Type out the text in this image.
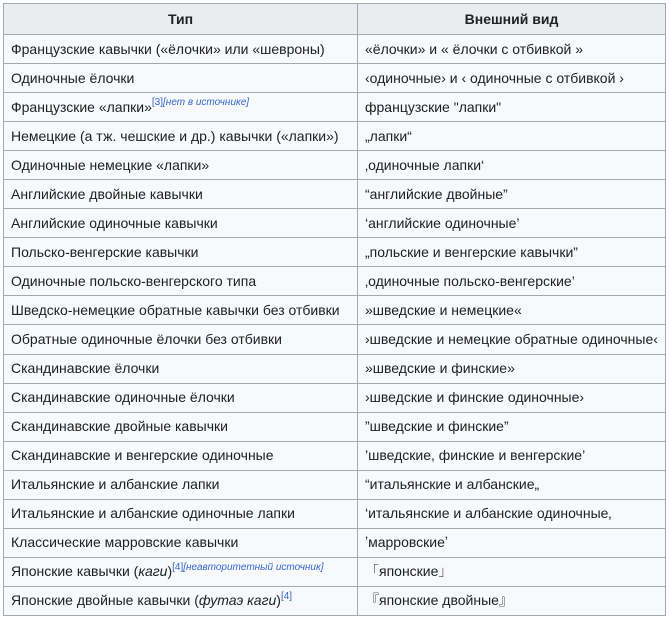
Тип	Внешний вид
Французские кавычки («ёлочки» или «шевроны)	«ёлочки» и « ёлочки с отбивкой »
Одиночные ёлочки	‹одиночные› и ‹ одиночные с отбивкой ›
Французские «лапки»[3][нет в источнике]	французские "лапки"
Немецкие (а тж. чешские и др.) кавычки («лапки»)	„лапки“
Одиночные немецкие «лапки»	‚одиночные лапки‘
Английские двойные кавычки	“английские двойные”
Английские одиночные кавычки	‘английские одиночные’
Польско-венгерские кавычки	„польские и венгерские кавычки”
Одиночные польско-венгерского типа	‚одиночные польско-венгерские’
Шведско-немецкие обратные кавычки без отбивки	»шведские и немецкие«
Обратные одиночные ёлочки без отбивки	›шведские и немецкие обратные одиночные‹
Скандинавские ёлочки	»шведские и финские»
Скандинавские одиночные ёлочки	›шведские и финские одиночные›
Скандинавские двойные кавычки	”шведские и финские”
Скандинавские и венгерские одиночные	’шведские, финские и венгерские’
Итальянские и албанские лапки	“итальянские и албанские„
Итальянские и албанские одиночные лапки	‘итальянские и албанские одиночные‚
Классические марровские кавычки	ʽмарровскиеʼ
Японские кавычки (каги)[4][неавторитетный источник]	「японские」
Японские двойные кавычки (футаэ каги)[4]	『японские двойные』
